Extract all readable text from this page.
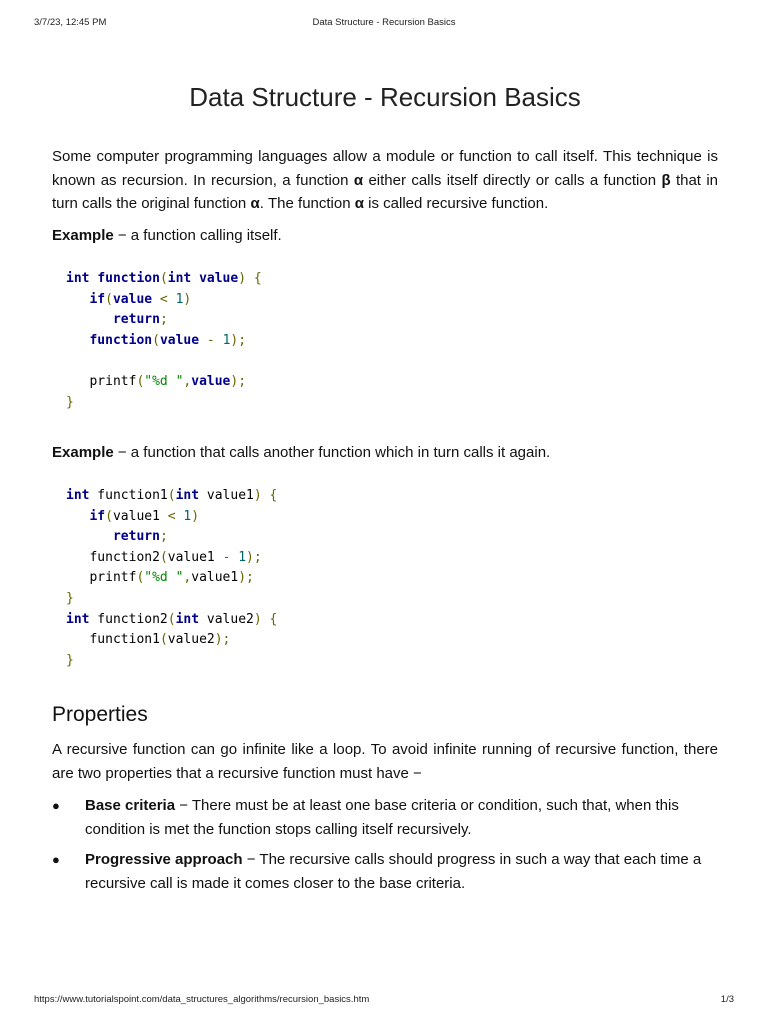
3/7/23, 12:45 PM	Data Structure - Recursion Basics
Data Structure - Recursion Basics

Some computer programming languages allow a module or function to call itself. This technique is known as recursion. In recursion, a function α either calls itself directly or calls a function β that in turn calls the original function α. The function α is called recursive function.

Example − a function calling itself.

int function(int value) {
if(value < 1)
return;
function(value - 1);

printf("%d ",value);
}

Example − a function that calls another function which in turn calls it again.

int function1(int value1) {
if(value1 < 1)
return;
function2(value1 - 1);
printf("%d ",value1);
}
int function2(int value2) {
function1(value2);
}
Properties

A recursive function can go infinite like a loop. To avoid infinite running of recursive function, there are two properties that a recursive function must have −

● Base criteria − There must be at least one base criteria or condition, such that, when this condition is met the function stops calling itself recursively.
● Progressive approach − The recursive calls should progress in such a way that each time a recursive call is made it comes closer to the base criteria.
https://www.tutorialspoint.com/data_structures_algorithms/recursion_basics.htm	1/3
